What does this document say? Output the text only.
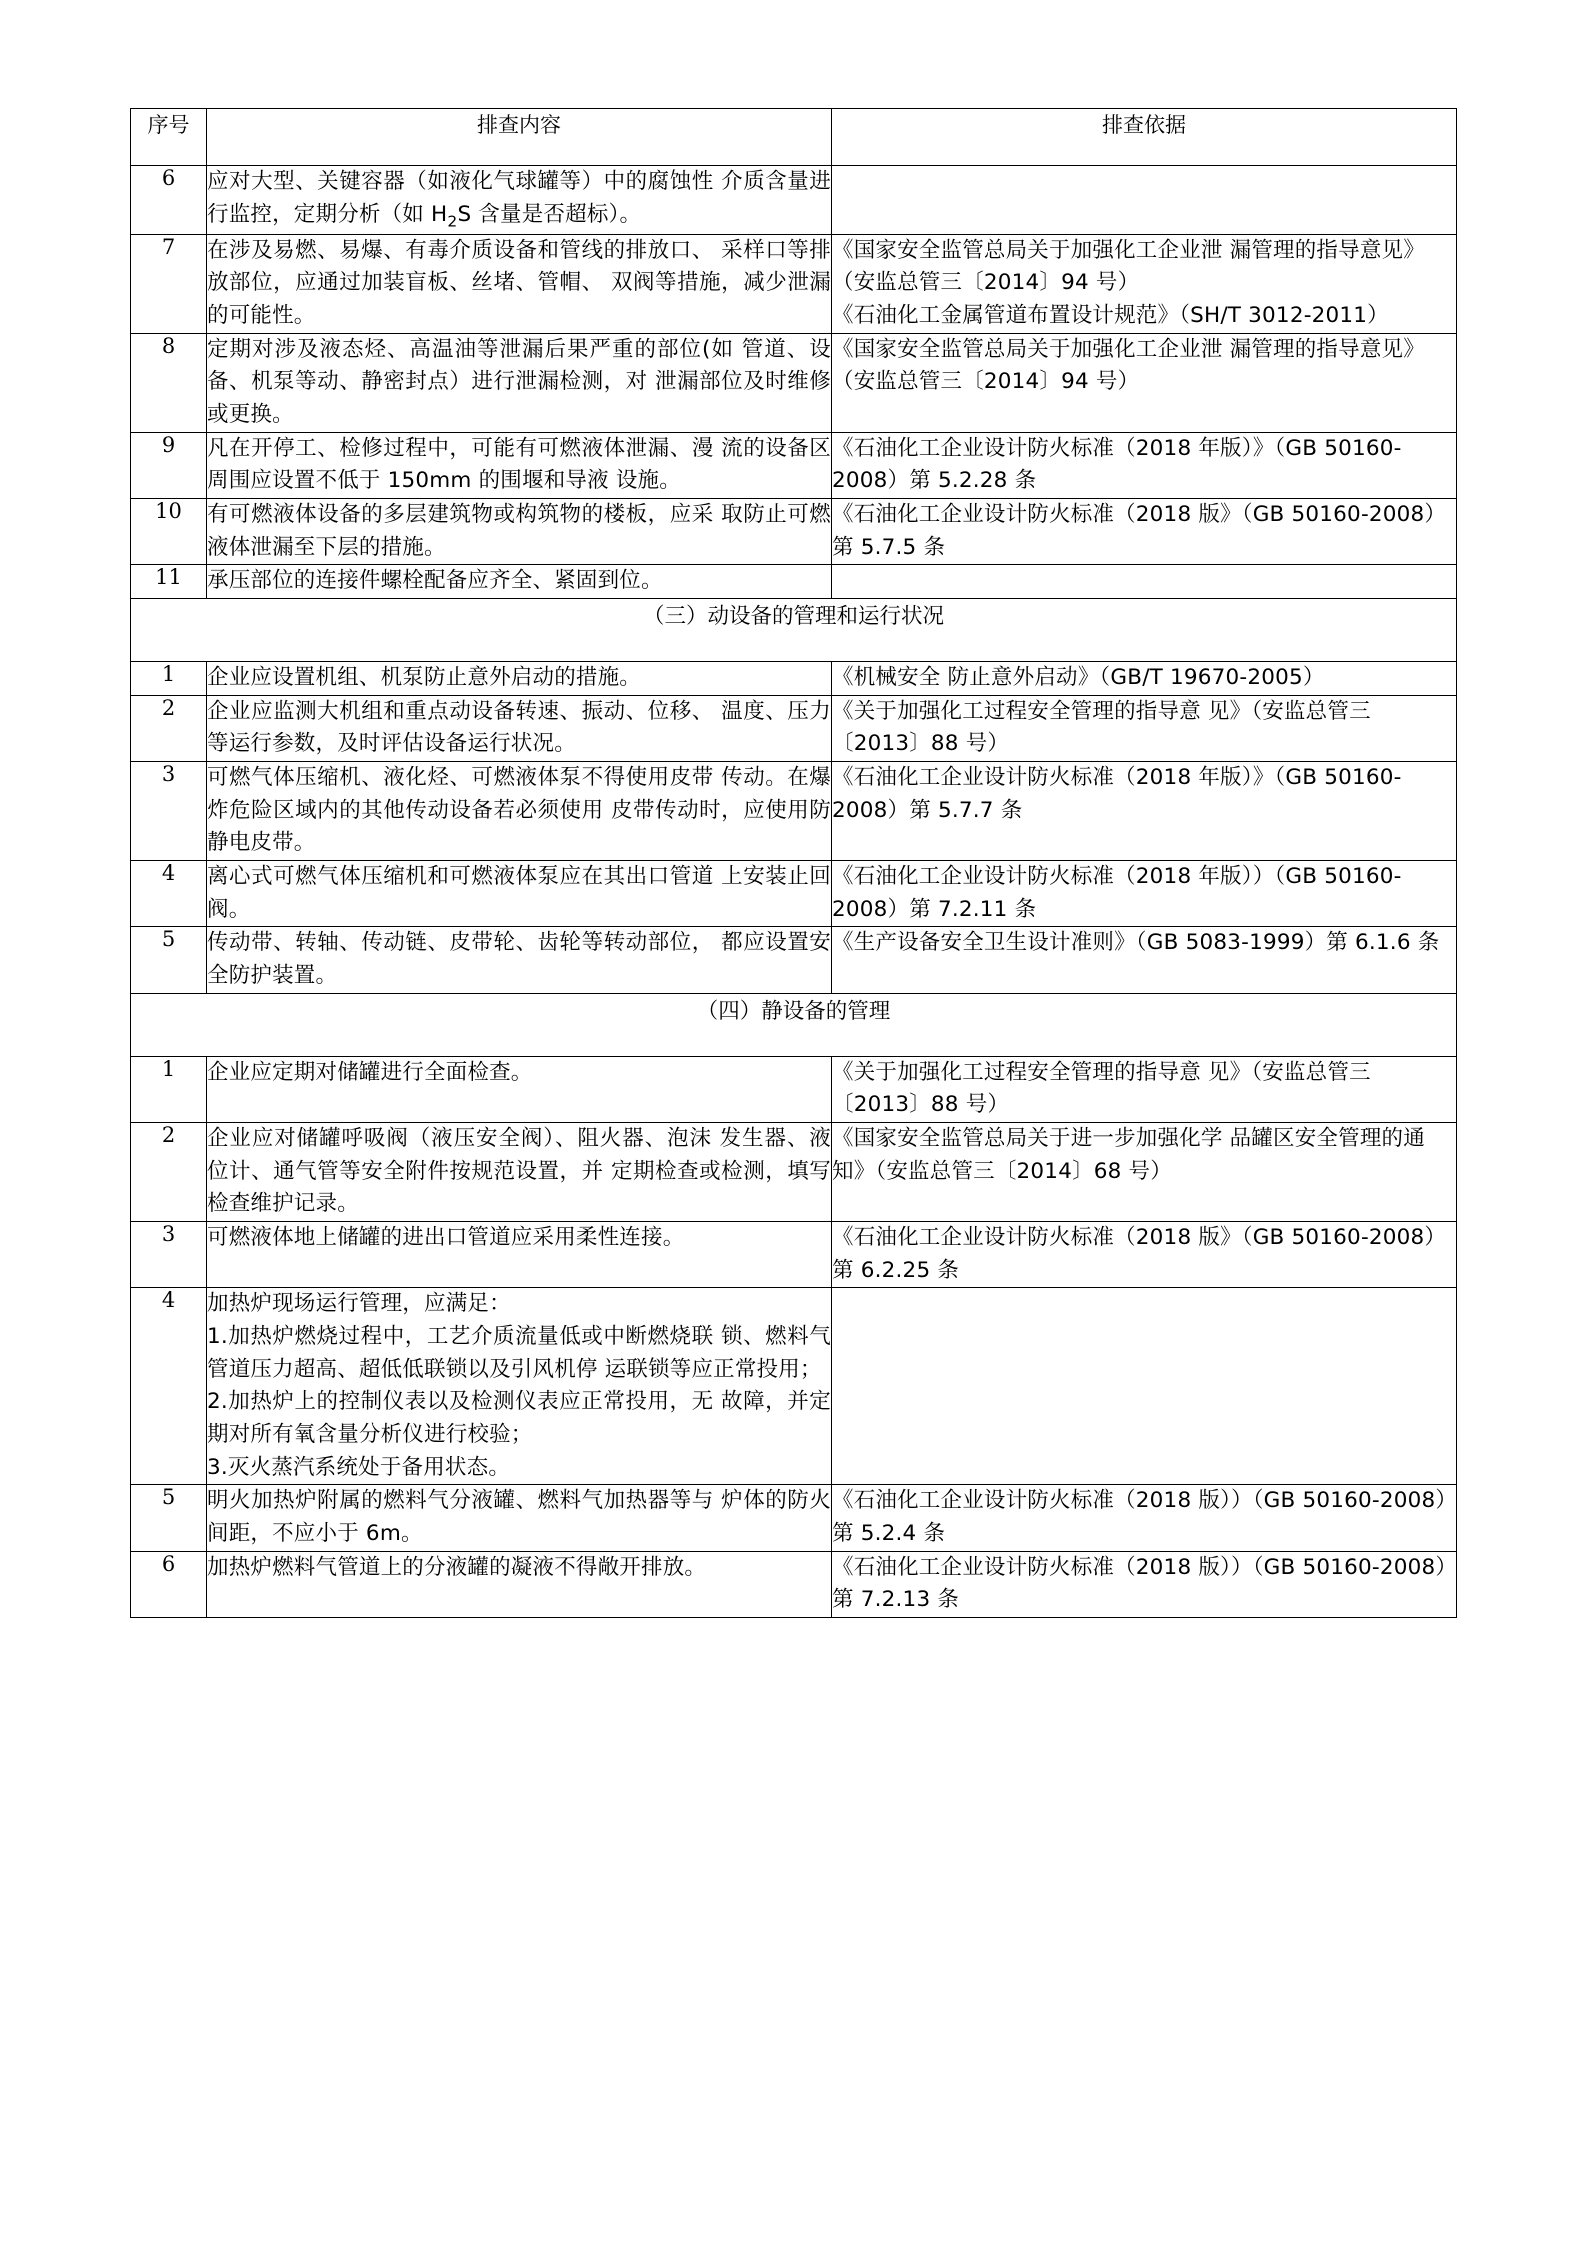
序号	排查内容	排查依据
6	应对大型、关键容器（如液化气球罐等）中的腐蚀性 介质含量进行监控，定期分析（如 $H_2S$ 含量是否超标）。	
7	在涉及易燃、易爆、有毒介质设备和管线的排放口、 采样口等排放部位，应通过加装盲板、丝堵、管帽、 双阀等措施，减少泄漏的可能性。	《国家安全监管总局关于加强化工企业泄 漏管理的指导意见》（安监总管三〔2014〕94 号）
《石油化工金属管道布置设计规范》（SH/T 3012-2011）
8	定期对涉及液态烃、高温油等泄漏后果严重的部位(如 管道、设备、机泵等动、静密封点）进行泄漏检测，对 泄漏部位及时维修或更换。	《国家安全监管总局关于加强化工企业泄 漏管理的指导意见》（安监总管三〔2014〕94 号）
9	凡在开停工、检修过程中，可能有可燃液体泄漏、漫 流的设备区周围应设置不低于 150mm 的围堰和导液 设施。	《石油化工企业设计防火标准（2018 年版）》（GB 50160-2008）第 5.2.28 条
10	有可燃液体设备的多层建筑物或构筑物的楼板，应采 取防止可燃液体泄漏至下层的措施。	《石油化工企业设计防火标准（2018 版》（GB 50160-2008）第 5.7.5 条
11	承压部位的连接件螺栓配备应齐全、紧固到位。	
（三）动设备的管理和运行状况		
1	企业应设置机组、机泵防止意外启动的措施。	《机械安全 防止意外启动》（GB/T 19670-2005）
2	企业应监测大机组和重点动设备转速、振动、位移、 温度、压力等运行参数，及时评估设备运行状况。	《关于加强化工过程安全管理的指导意 见》（安监总管三〔2013〕88 号）
3	可燃气体压缩机、液化烃、可燃液体泵不得使用皮带 传动。在爆炸危险区域内的其他传动设备若必须使用 皮带传动时，应使用防静电皮带。	《石油化工企业设计防火标准（2018 年版）》（GB 50160-2008）第 5.7.7 条
4	离心式可燃气体压缩机和可燃液体泵应在其出口管道 上安装止回阀。	《石油化工企业设计防火标准（2018 年版））（GB 50160-2008）第 7.2.11 条
5	传动带、转轴、传动链、皮带轮、齿轮等转动部位， 都应设置安全防护装置。	《生产设备安全卫生设计准则》（GB 5083-1999）第 6.1.6 条
（四）静设备的管理		
1	企业应定期对储罐进行全面检查。	《关于加强化工过程安全管理的指导意 见》（安监总管三〔2013〕88 号）
2	企业应对储罐呼吸阀（液压安全阀）、阻火器、泡沫 发生器、液位计、通气管等安全附件按规范设置，并 定期检查或检测，填写检查维护记录。	《国家安全监管总局关于进一步加强化学 品罐区安全管理的通知》（安监总管三〔2014〕68 号）
3	可燃液体地上储罐的进出口管道应采用柔性连接。	《石油化工企业设计防火标准（2018 版》（GB 50160-2008）第 6.2.25 条
4	加热炉现场运行管理，应满足：
1.加热炉燃烧过程中，工艺介质流量低或中断燃烧联 锁、燃料气管道压力超高、超低低联锁以及引风机停 运联锁等应正常投用；
2.加热炉上的控制仪表以及检测仪表应正常投用，无 故障，并定期对所有氧含量分析仪进行校验；
3.灭火蒸汽系统处于备用状态。	
5	明火加热炉附属的燃料气分液罐、燃料气加热器等与 炉体的防火间距，不应小于 6m。	《石油化工企业设计防火标准（2018 版））（GB 50160-2008）第 5.2.4 条
6	加热炉燃料气管道上的分液罐的凝液不得敞开排放。	《石油化工企业设计防火标准（2018 版））（GB 50160-2008）第 7.2.13 条
